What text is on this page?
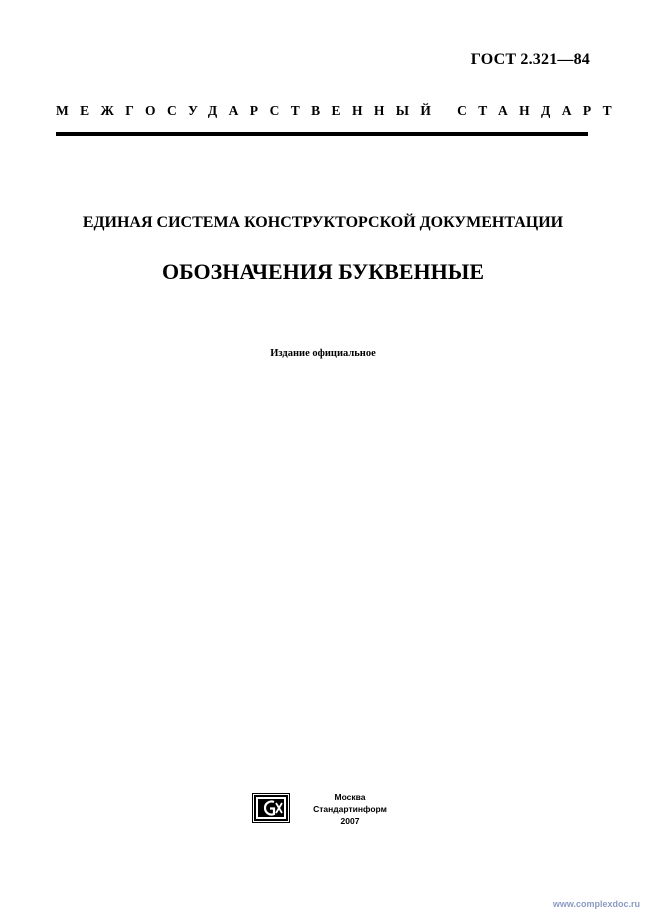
ГОСТ 2.321—84
МЕЖГОСУДАРСТВЕННЫЙ СТАНДАРТ
ЕДИНАЯ СИСТЕМА КОНСТРУКТОРСКОЙ ДОКУМЕНТАЦИИ
ОБОЗНАЧЕНИЯ БУКВЕННЫЕ
Издание официальное
Москва
Стандартинформ
2007
www.complexdoc.ru
